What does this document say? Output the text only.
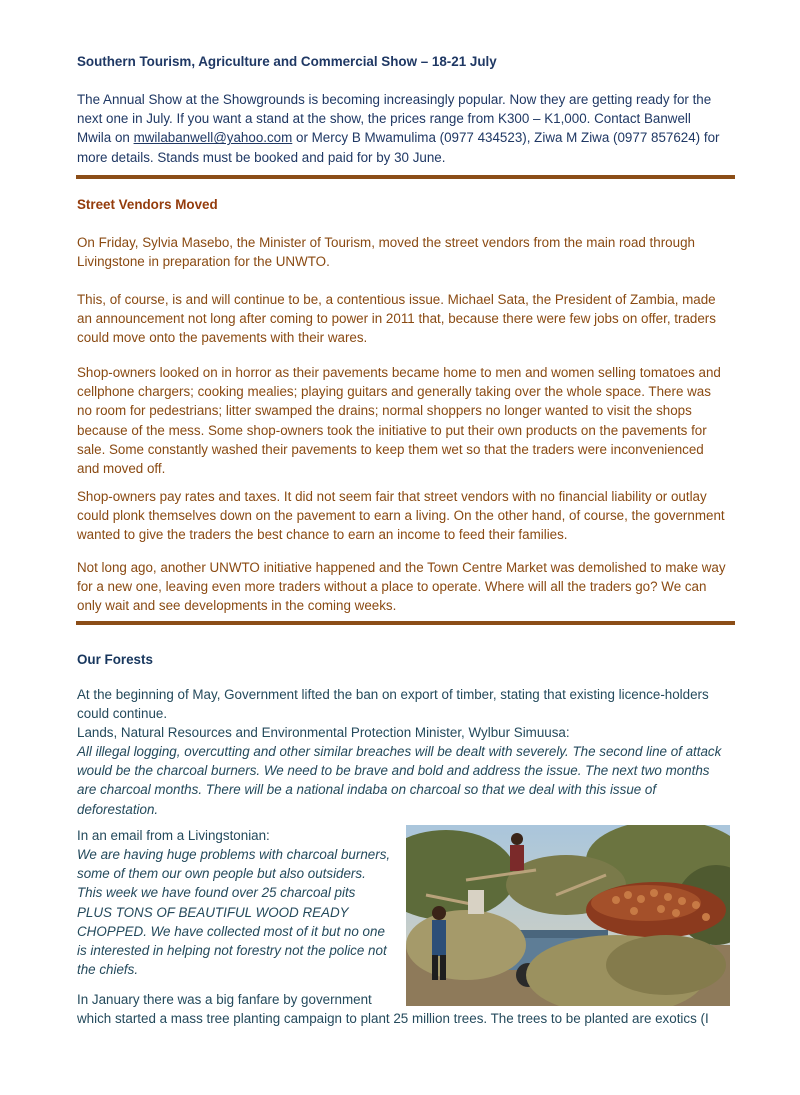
Southern Tourism, Agriculture and Commercial Show – 18-21 July

The Annual Show at the Showgrounds is becoming increasingly popular. Now they are getting ready for the next one in July. If you want a stand at the show, the prices range from K300 – K1,000. Contact Banwell Mwila on mwilabanwell@yahoo.com or Mercy B Mwamulima (0977 434523), Ziwa M Ziwa (0977 857624) for more details. Stands must be booked and paid for by 30 June.

Street Vendors Moved

On Friday, Sylvia Masebo, the Minister of Tourism, moved the street vendors from the main road through Livingstone in preparation for the UNWTO.

This, of course, is and will continue to be, a contentious issue. Michael Sata, the President of Zambia, made an announcement not long after coming to power in 2011 that, because there were few jobs on offer, traders could move onto the pavements with their wares.

Shop-owners looked on in horror as their pavements became home to men and women selling tomatoes and cellphone chargers; cooking mealies; playing guitars and generally taking over the whole space. There was no room for pedestrians; litter swamped the drains; normal shoppers no longer wanted to visit the shops because of the mess. Some shop-owners took the initiative to put their own products on the pavements for sale. Some constantly washed their pavements to keep them wet so that the traders were inconvenienced and moved off.

Shop-owners pay rates and taxes. It did not seem fair that street vendors with no financial liability or outlay could plonk themselves down on the pavement to earn a living. On the other hand, of course, the government wanted to give the traders the best chance to earn an income to feed their families.

Not long ago, another UNWTO initiative happened and the Town Centre Market was demolished to make way for a new one, leaving even more traders without a place to operate. Where will all the traders go? We can only wait and see developments in the coming weeks.

Our Forests

At the beginning of May, Government lifted the ban on export of timber, stating that existing licence-holders could continue.

Lands, Natural Resources and Environmental Protection Minister, Wylbur Simuusa:

All illegal logging, overcutting and other similar breaches will be dealt with severely. The second line of attack would be the charcoal burners. We need to be brave and bold and address the issue. The next two months are charcoal months. There will be a national indaba on charcoal so that we deal with this issue of deforestation.

In an email from a Livingstonian:

We are having huge problems with charcoal burners, some of them our own people but also outsiders. This week we have found over 25 charcoal pits PLUS TONS OF BEAUTIFUL WOOD READY CHOPPED. We have collected most of it but no one is interested in helping not forestry not the police not the chiefs.

In January there was a big fanfare by government

which started a mass tree planting campaign to plant 25 million trees. The trees to be planted are exotics (I
